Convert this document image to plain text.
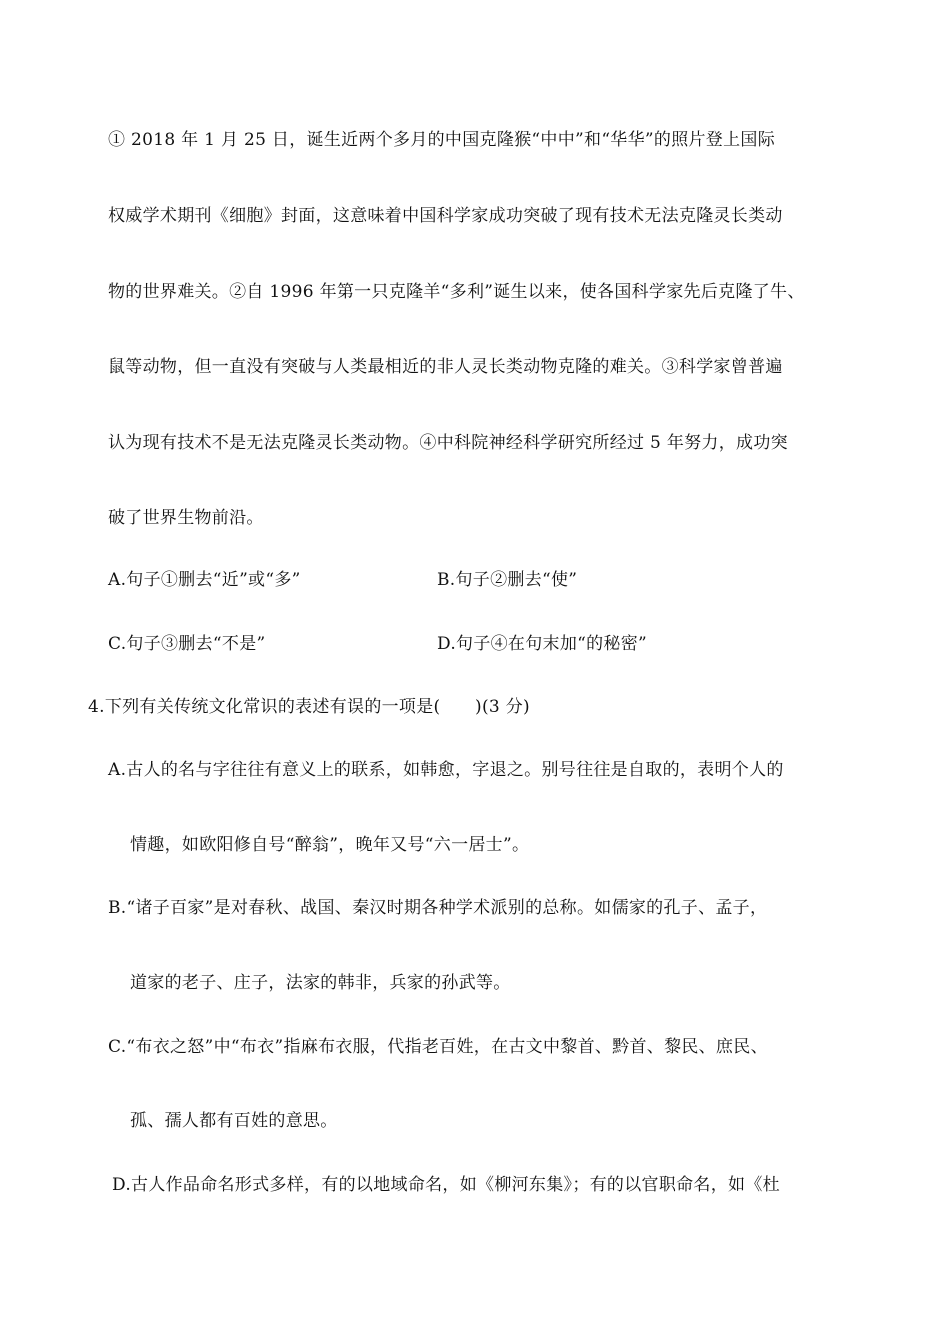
① 2018 年 1 月 25 日，诞生近两个多月的中国克隆猴“中中”和“华华”的照片登上国际
权威学术期刊《细胞》封面，这意味着中国科学家成功突破了现有技术无法克隆灵长类动
物的世界难关。②自 1996 年第一只克隆羊“多利”诞生以来，使各国科学家先后克隆了牛、
鼠等动物，但一直没有突破与人类最相近的非人灵长类动物克隆的难关。③科学家曾普遍
认为现有技术不是无法克隆灵长类动物。④中科院神经科学研究所经过 5 年努力，成功突
破了世界生物前沿。
A.句子①删去“近”或“多”	B.句子②删去“使”
C.句子③删去“不是”	D.句子④在句末加“的秘密”
4.下列有关传统文化常识的表述有误的一项是(　　)(3 分)
A.古人的名与字往往有意义上的联系，如韩愈，字退之。别号往往是自取的，表明个人的
情趣，如欧阳修自号“醉翁”，晚年又号“六一居士”。
B.“诸子百家”是对春秋、战国、秦汉时期各种学术派别的总称。如儒家的孔子、孟子，
道家的老子、庄子，法家的韩非，兵家的孙武等。
C.“布衣之怒”中“布衣”指麻布衣服，代指老百姓，在古文中黎首、黔首、黎民、庶民、
孤、孺人都有百姓的意思。
D.古人作品命名形式多样，有的以地域命名，如《柳河东集》；有的以官职命名，如《杜
